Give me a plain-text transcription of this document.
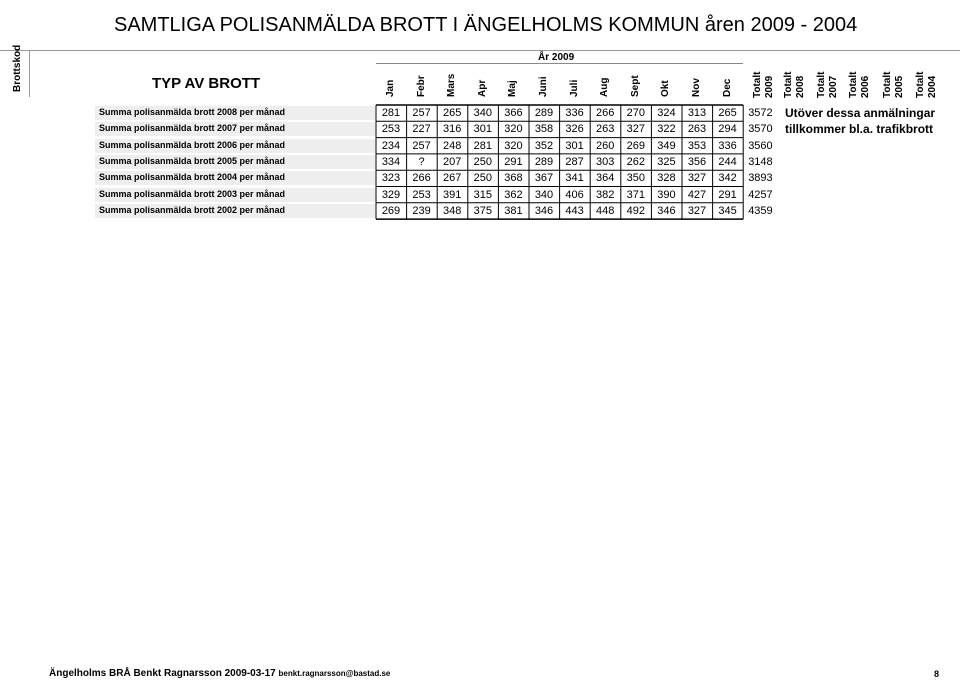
SAMTLIGA POLISANMÄLDA BROTT I ÄNGELHOLMS KOMMUN åren 2009 - 2004
Brottskod	TYP AV BROTT
År 2009
Jan Febr Mars Apr Maj Juni Juli Aug Sept Okt Nov Dec Totalt 2009 Totalt 2008 Totalt 2007 Totalt 2006 Totalt 2005 Totalt 2004
Summa polisanmälda brott 2008 per månad	281	257	265	340	366	289	336	266	270	324	313	265	3572
Summa polisanmälda brott 2007 per månad	253	227	316	301	320	358	326	263	327	322	263	294	3570
Summa polisanmälda brott 2006 per månad	234	257	248	281	320	352	301	260	269	349	353	336	3560
Summa polisanmälda brott 2005 per månad	334	?	207	250	291	289	287	303	262	325	356	244	3148
Summa polisanmälda brott 2004 per månad	323	266	267	250	368	367	341	364	350	328	327	342	3893
Summa polisanmälda brott 2003 per månad	329	253	391	315	362	340	406	382	371	390	427	291	4257
Summa polisanmälda brott 2002 per månad	269	239	348	375	381	346	443	448	492	346	327	345	4359
Utöver dessa anmälningar
tillkommer bl.a. trafikbrott
Ängelholms BRÅ Benkt Ragnarsson 2009-03-17 benkt.ragnarsson@bastad.se	8
